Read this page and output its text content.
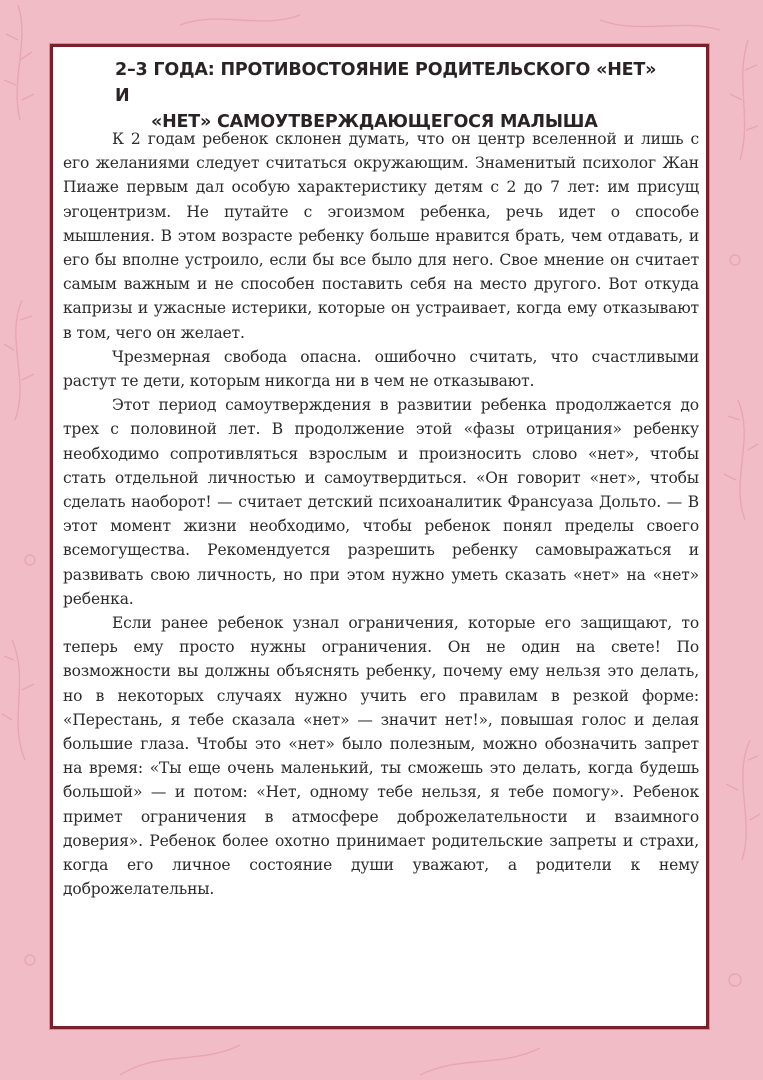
2–3 ГОДА: ПРОТИВОСТОЯНИЕ РОДИТЕЛЬСКОГО «НЕТ» И
«НЕТ» САМОУТВЕРЖДАЮЩЕГОСЯ МАЛЫША

К 2 годам ребенок склонен думать, что он центр вселенной и лишь с его желаниями следует считаться окружающим. Знаменитый психолог Жан Пиаже первым дал особую характеристику детям с 2 до 7 лет: им присущ эгоцентризм. Не путайте с эгоизмом ребенка, речь идет о способе мышления. В этом возрасте ребенку больше нравится брать, чем отдавать, и его бы вполне устроило, если бы все было для него. Свое мнение он считает самым важным и не способен поставить себя на место другого. Вот откуда капризы и ужасные истерики, которые он устраивает, когда ему отказывают в том, чего он желает.

Чрезмерная свобода опасна. ошибочно считать, что счастливыми растут те дети, которым никогда ни в чем не отказывают.

Этот период самоутверждения в развитии ребенка продолжается до трех с половиной лет. В продолжение этой «фазы отрицания» ребенку необходимо сопротивляться взрослым и произносить слово «нет», чтобы стать отдельной личностью и самоутвердиться. «Он говорит «нет», чтобы сделать наоборот! — считает детский психоаналитик Франсуаза Дольто. — В этот момент жизни необходимо, чтобы ребенок понял пределы своего всемогущества. Рекомендуется разрешить ребенку самовыражаться и развивать свою личность, но при этом нужно уметь сказать «нет» на «нет» ребенка.

Если ранее ребенок узнал ограничения, которые его защищают, то теперь ему просто нужны ограничения. Он не один на свете! По возможности вы должны объяснять ребенку, почему ему нельзя это делать, но в некоторых случаях нужно учить его правилам в резкой форме: «Перестань, я тебе сказала «нет» — значит нет!», повышая голос и делая большие глаза. Чтобы это «нет» было полезным, можно обозначить запрет на время: «Ты еще очень маленький, ты сможешь это делать, когда будешь большой» — и потом: «Нет, одному тебе нельзя, я тебе помогу». Ребенок примет ограничения в атмосфере доброжелательности и взаимного доверия». Ребенок более охотно принимает родительские запреты и страхи, когда его личное состояние души уважают, а родители к нему доброжелательны.
